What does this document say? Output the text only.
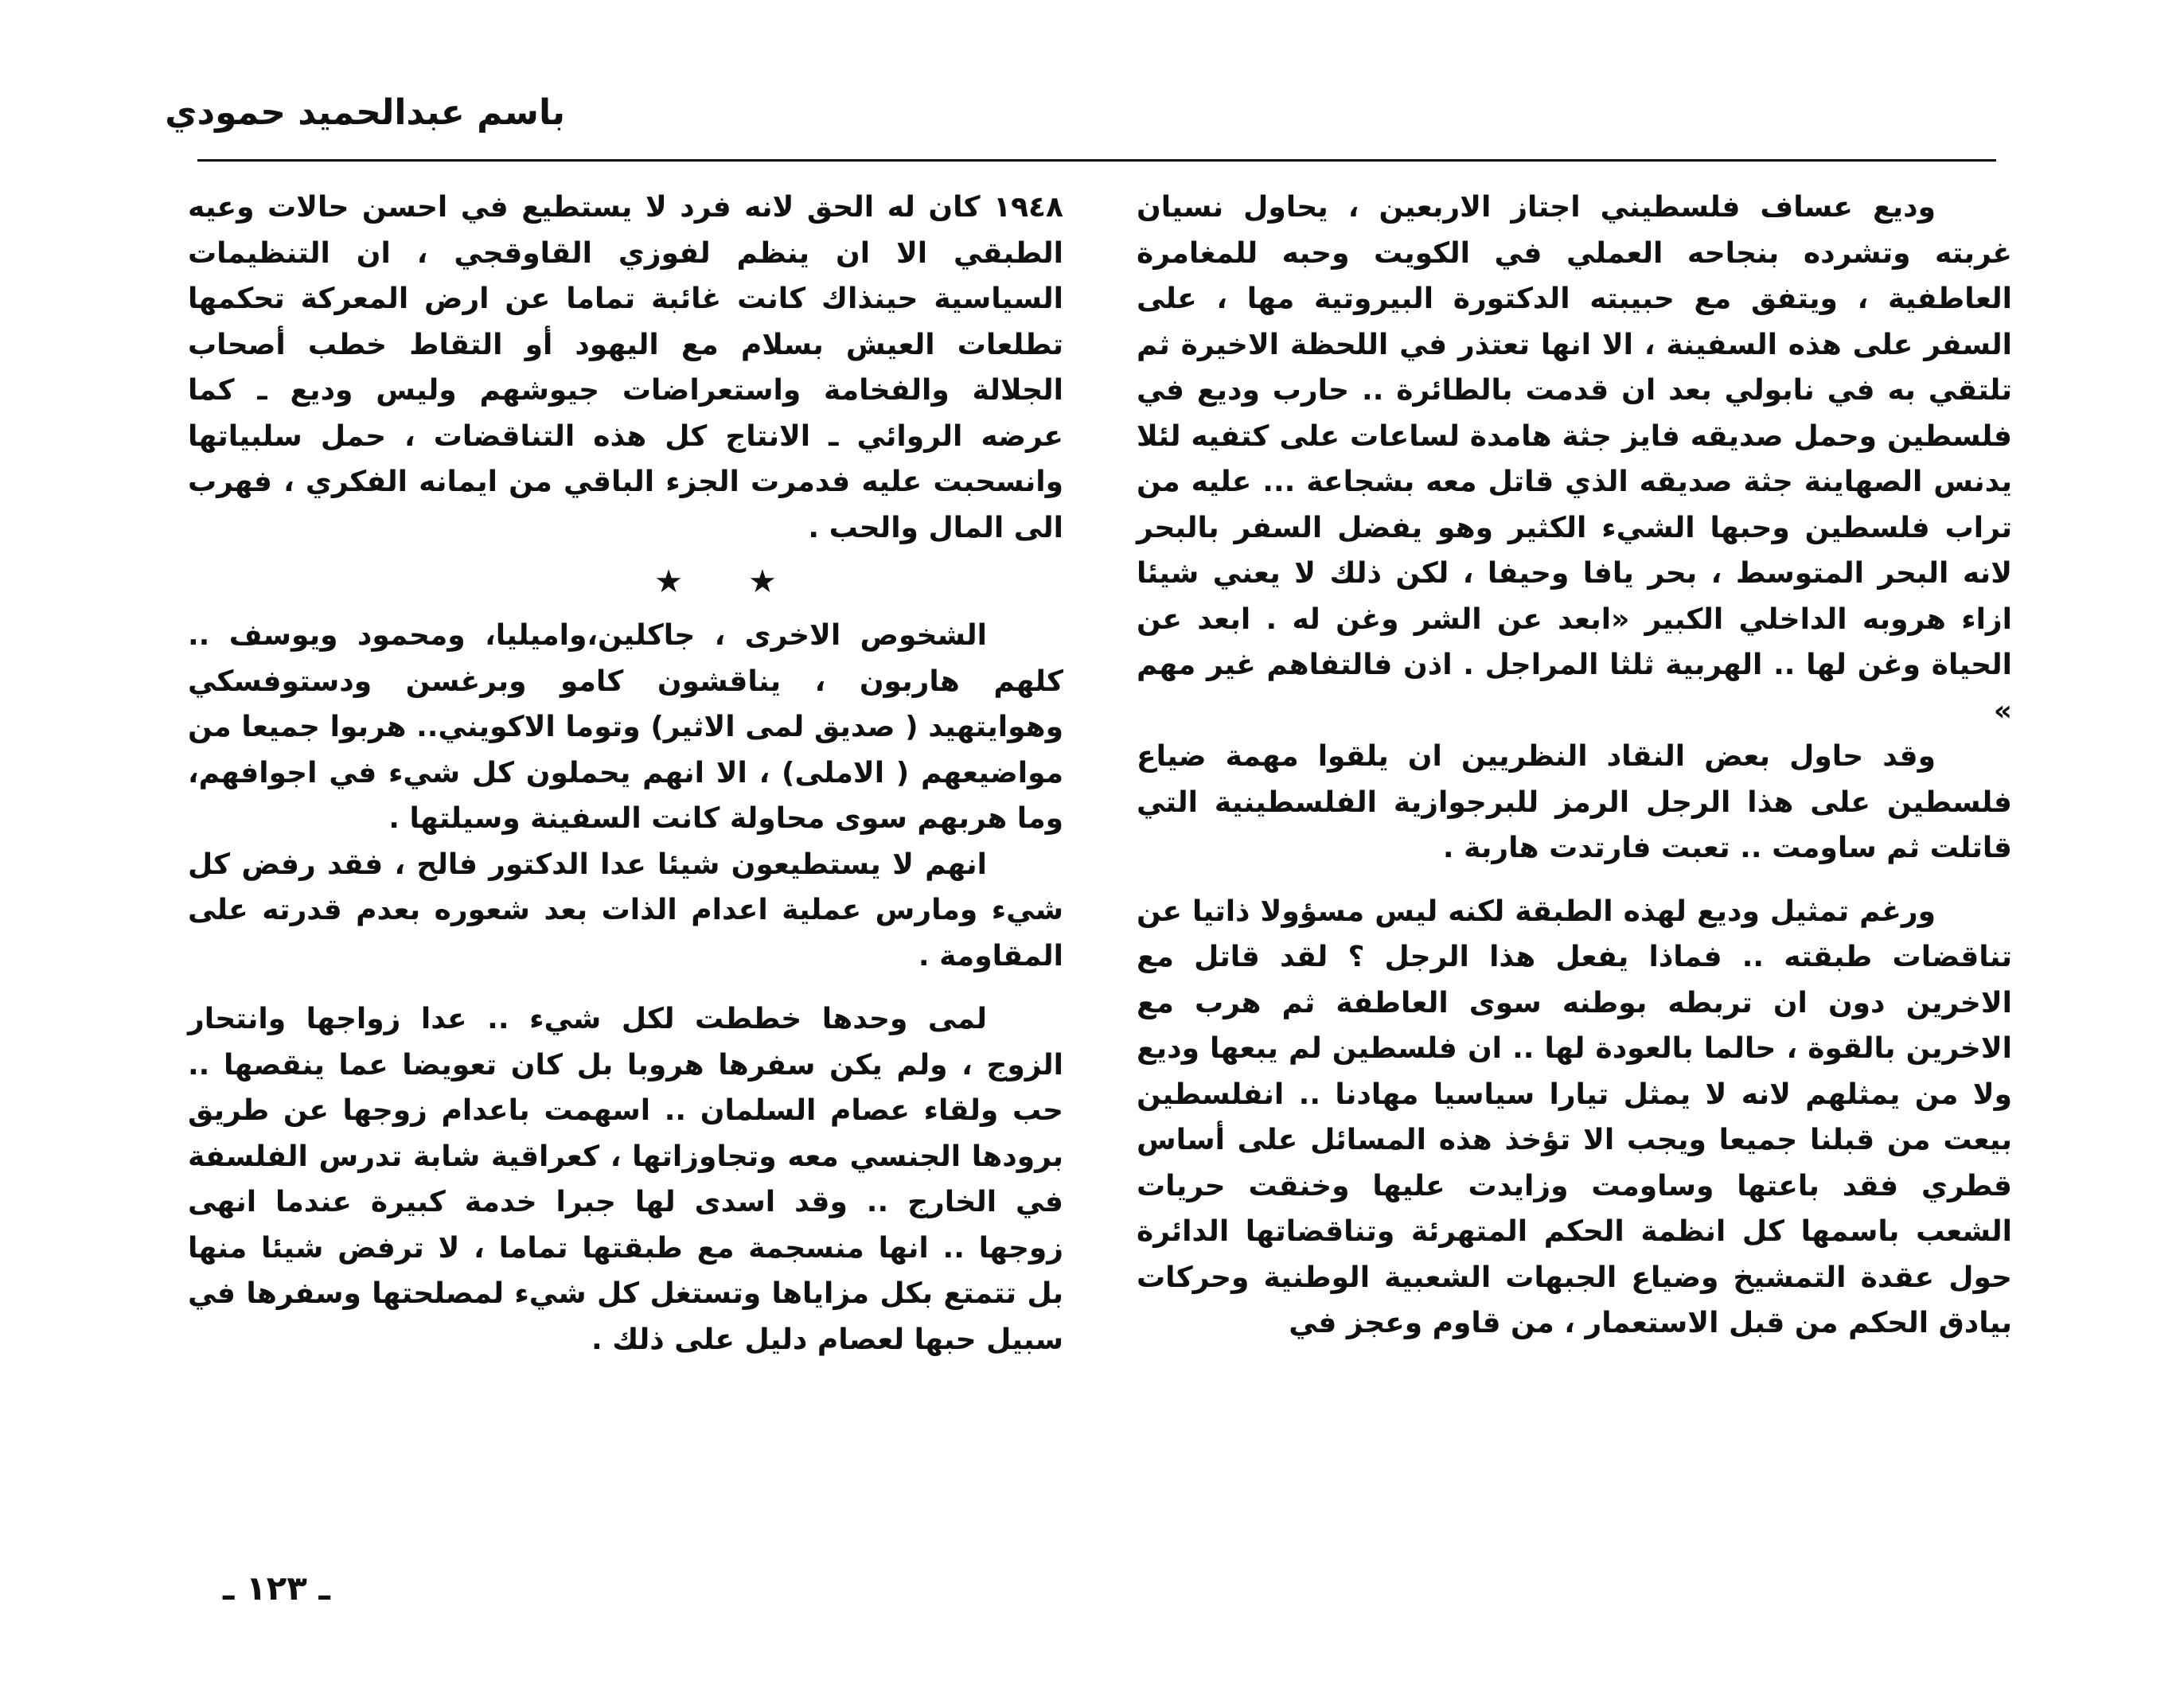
باسم عبدالحميد حمودي

وديع عساف فلسطيني اجتاز الاربعين ، يحاول نسيان غربته وتشرده بنجاحه العملي في الكويت وحبه للمغامرة العاطفية ، ويتفق مع حبيبته الدكتورة البيروتية مها ، على السفر على هذه السفينة ، الا انها تعتذر في اللحظة الاخيرة ثم تلتقي به في نابولي بعد ان قدمت بالطائرة .. حارب وديع في فلسطين وحمل صديقه فايز جثة هامدة لساعات على كتفيه لئلا يدنس الصهاينة جثة صديقه الذي قاتل معه بشجاعة ... عليه من تراب فلسطين وحبها الشيء الكثير وهو يفضل السفر بالبحر لانه البحر المتوسط ، بحر يافا وحيفا ، لكن ذلك لا يعني شيئا ازاء هروبه الداخلي الكبير «ابعد عن الشر وغن له . ابعد عن الحياة وغن لها .. الهربية ثلثا المراجل . اذن فالتفاهم غير مهم »

وقد حاول بعض النقاد النظريين ان يلقوا مهمة ضياع فلسطين على هذا الرجل الرمز للبرجوازية الفلسطينية التي قاتلت ثم ساومت .. تعبت فارتدت هاربة .

ورغم تمثيل وديع لهذه الطبقة لكنه ليس مسؤولا ذاتيا عن تناقضات طبقته .. فماذا يفعل هذا الرجل ؟ لقد قاتل مع الاخرين دون ان تربطه بوطنه سوى العاطفة ثم هرب مع الاخرين بالقوة ، حالما بالعودة لها .. ان فلسطين لم يبعها وديع ولا من يمثلهم لانه لا يمثل تيارا سياسيا مهادنا .. انفلسطين بيعت من قبلنا جميعا ويجب الا تؤخذ هذه المسائل على أساس قطري فقد باعتها وساومت وزايدت عليها وخنقت حريات الشعب باسمها كل انظمة الحكم المتهرئة وتناقضاتها الدائرة حول عقدة التمشيخ وضياع الجبهات الشعبية الوطنية وحركات بيادق الحكم من قبل الاستعمار ، من قاوم وعجز في

١٩٤٨ كان له الحق لانه فرد لا يستطيع في احسن حالات وعيه الطبقي الا ان ينظم لفوزي القاوقجي ، ان التنظيمات السياسية حينذاك كانت غائبة تماما عن ارض المعركة تحكمها تطلعات العيش بسلام مع اليهود أو التقاط خطب أصحاب الجلالة والفخامة واستعراضات جيوشهم وليس وديع ـ كما عرضه الروائي ـ الانتاج كل هذه التناقضات ، حمل سلبياتها وانسحبت عليه فدمرت الجزء الباقي من ايمانه الفكري ، فهرب الى المال والحب .

★ ★

الشخوص الاخرى ، جاكلين،واميليا، ومحمود ويوسف .. كلهم هاربون ، يناقشون كامو وبرغسن ودستوفسكي وهوايتهيد ( صديق لمى الاثير) وتوما الاكويني.. هربوا جميعا من مواضيعهم ( الاملى) ، الا انهم يحملون كل شيء في اجوافهم، وما هربهم سوى محاولة كانت السفينة وسيلتها .

انهم لا يستطيعون شيئا عدا الدكتور فالح ، فقد رفض كل شيء ومارس عملية اعدام الذات بعد شعوره بعدم قدرته على المقاومة .

لمى وحدها خططت لكل شيء .. عدا زواجها وانتحار الزوج ، ولم يكن سفرها هروبا بل كان تعويضا عما ينقصها .. حب ولقاء عصام السلمان .. اسهمت باعدام زوجها عن طريق برودها الجنسي معه وتجاوزاتها ، كعراقية شابة تدرس الفلسفة في الخارج .. وقد اسدى لها جبرا خدمة كبيرة عندما انهى زوجها .. انها منسجمة مع طبقتها تماما ، لا ترفض شيئا منها بل تتمتع بكل مزاياها وتستغل كل شيء لمصلحتها وسفرها في سبيل حبها لعصام دليل على ذلك .

ـ ١٢٣ ـ
